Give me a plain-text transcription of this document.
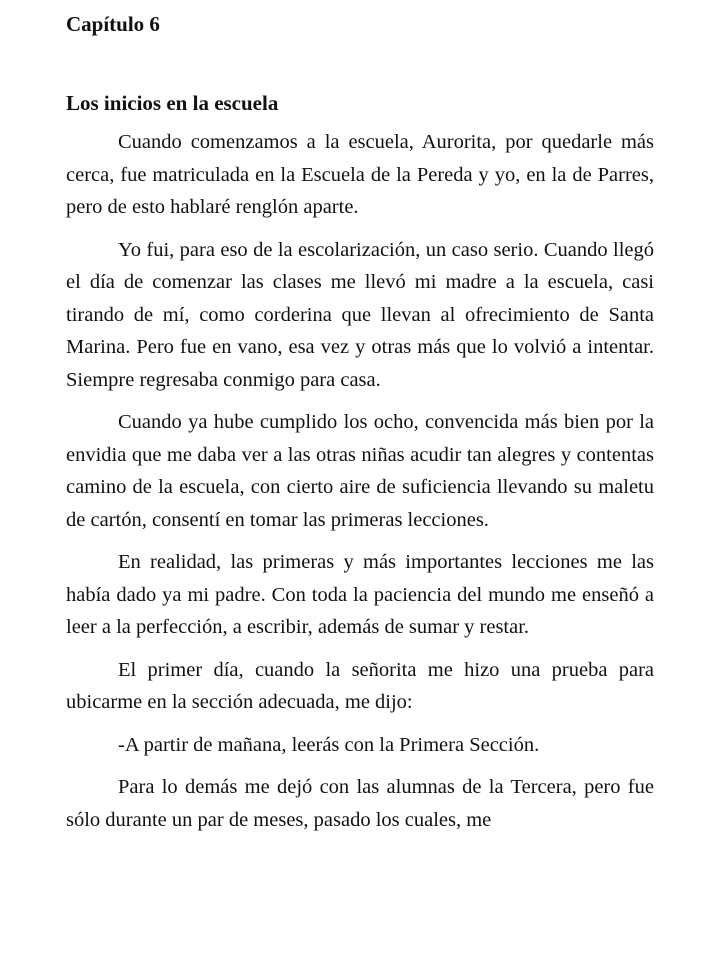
Capítulo 6
Los inicios en la escuela

Cuando comenzamos a la escuela, Aurorita, por quedarle más cerca, fue matriculada en la Escuela de la Pereda y yo, en la de Parres, pero de esto hablaré renglón aparte.

Yo fui, para eso de la escolarización, un caso serio. Cuando llegó el día de comenzar las clases me llevó mi madre a la escuela, casi tirando de mí, como corderina que llevan al ofrecimiento de Santa Marina. Pero fue en vano, esa vez y otras más que lo volvió a intentar. Siempre regresaba conmigo para casa.

Cuando ya hube cumplido los ocho, convencida más bien por la envidia que me daba ver a las otras niñas acudir tan alegres y contentas camino de la escuela, con cierto aire de suficiencia llevando su maletu de cartón, consentí en tomar las primeras lecciones.

En realidad, las primeras y más importantes lecciones me las había dado ya mi padre. Con toda la paciencia del mundo me enseñó a leer a la perfección, a escribir, además de sumar y restar.

El primer día, cuando la señorita me hizo una prueba para ubicarme en la sección adecuada, me dijo:

-A partir de mañana, leerás con la Primera Sección.

Para lo demás me dejó con las alumnas de la Tercera, pero fue sólo durante un par de meses, pasado los cuales, me
